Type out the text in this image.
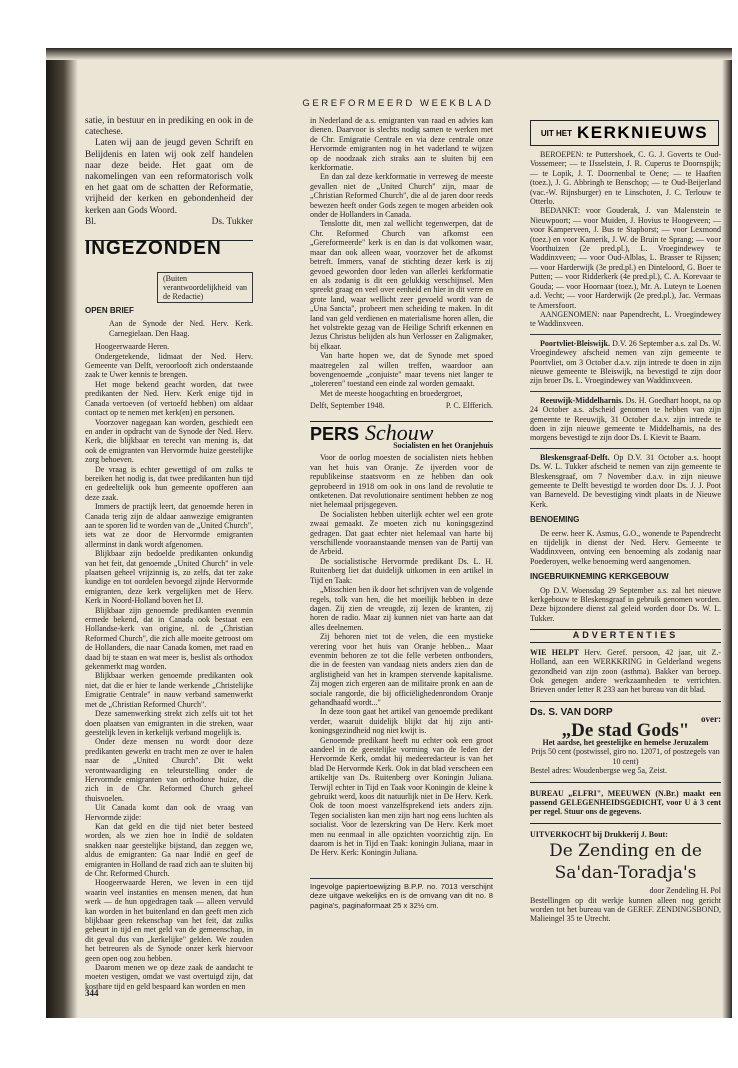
GEREFORMEERD WEEKBLAD

satie, in bestuur en in prediking en ook in de catechese.

Laten wij aan de jeugd geven Schrift en Belijdenis en laten wij ook zelf handelen naar deze beide. Het gaat om de nakomelingen van een reformatorisch volk en het gaat om de schatten der Reformatie, vrijheid der kerken en gebondenheid der kerken aan Gods Woord.

Bl.	Ds. Tukker
INGEZONDEN
(Buiten verantwoordelijkheid van de Redactie)
OPEN BRIEF
Aan de Synode der Ned. Herv. Kerk. Carnegielaan. Den Haag.

Hoogeerwaarde Heren.

Ondergetekende, lidmaat der Ned. Herv. Gemeente van Delft, veroorlooft zich onderstaande zaak te Uwer kennis te brengen.

Het moge bekend geacht worden, dat twee predikanten der Ned. Herv. Kerk enige tijd in Canada vertoeven (of vertoefd hebben) om aldaar contact op te nemen met kerk(en) en personen.

Voorzover nagegaan kan worden, geschiedt een en ander in opdracht van de Synode der Ned. Herv. Kerk, die blijkbaar en terecht van mening is, dat ook de emigranten van Hervormde huize geestelijke zorg behoeven.

De vraag is echter gewettigd of om zulks te bereiken het nodig is, dat twee predikanten hun tijd en gedeeltelijk ook hun gemeente opofferen aan deze zaak.

Immers de practijk leert, dat genoemde heren in Canada terig zijn de aldaar aanwezige emigranten aan te sporen lid te worden van de „United Church", iets wat ze door de Hervormde emigranten allerminst in dank wordt afgenomen.

Blijkbaar zijn bedoelde predikanten onkundig van het feit, dat genoemde „United Church" in vele plaatsen geheel vrijzinnig is, zo zelfs, dat ter zake kundige en tot oordelen bevoegd zijnde Hervormde emigranten, deze kerk vergelijken met de Herv. Kerk in Noord-Holland boven het IJ.

Blijkbaar zijn genoemde predikanten evenmin ermede bekend, dat in Canada ook bestaat een Hollandse-kerk van origine, nl. de „Christian Reformed Church", die zich alle moeite getroost om de Hollanders, die naar Canada komen, met raad en daad bij te staan en wat meer is, beslist als orthodox gekenmerkt mag worden.

Blijkbaar werken genoemde predikanten ook niet, dat die er hier te lande werkende „Christelijke Emigratie Centrale" in nauw verband samenwerkt met de „Christian Reformed Church".

Deze samenwerking strekt zich zelfs uit tot het doen plaatsen van emigranten in die streken, waar geestelijk leven in kerkelijk verband mogelijk is.

Onder deze mensen nu wordt door deze predikanten gewerkt en tracht men ze over te halen naar de „United Church". Dit wekt verontwaardiging en teleurstelling onder de Hervormde emigranten van orthodoxe huize, die zich in de Chr. Reformed Church geheel thuisvoelen.

Uit Canada komt dan ook de vraag van Hervormde zijde:

Kan dat geld en die tijd niet beter besteed worden, als we zien hoe in Indië de soldaten snakken naar geestelijke bijstand, dan zeggen we, aldus de emigranten: Ga naar Indië en geef de emigranten in Holland de raad zich aan te sluiten bij de Chr. Reformed Church.

Hoogeerwaarde Heren, we leven in een tijd waarin veel instanties en mensen menen, dat hun werk — de hun opgedragen taak — alleen vervuld kan worden in het buitenland en dan geeft men zich blijkbaar geen rekenschap van het feit, dat zulks gebeurt in tijd en met geld van de gemeenschap, in dit geval dus van „kerkelijke" gelden. We zouden het betreuren als de Synode onzer kerk hiervoor geen open oog zou hebben.

Daarom menen we op deze zaak de aandacht te moeten vestigen, omdat we vast overtuigd zijn, dat kostbare tijd en geld bespaard kan worden en men

in Nederland de a.s. emigranten van raad en advies kan dienen. Daarvoor is slechts nodig samen te werken met de Chr. Emigratie Centrale en via deze centrale onze Hervormde emigranten nog in het vaderland te wijzen op de noodzaak zich straks aan te sluiten bij een kerkformatie.

En dan zal deze kerkformatie in verreweg de meeste gevallen niet de „United Church" zijn, maar de „Christian Reformed Church", die al de jaren door reeds bewezen heeft onder Gods zegen te mogen arbeiden ook onder de Hollanders in Canada.

Tenslotte dit, men zal wellicht tegenwerpen, dat de Chr. Reformed Church van afkomst een „Gereformeerde" kerk is en dan is dat volkomen waar, maar dan ook alleen waar, voorzover het de afkomst betreft. Immers, vanaf de stichting dezer kerk is zij gevoed geworden door leden van allerlei kerkformatie en als zodanig is dit een gelukkig verschijnsel. Men spreekt graag en veel over eenheid en hier in dit verre en grote land, waar wellicht zeer gevoeld wordt van de „Una Sancta", probeert men scheiding te maken. In dit land van geld verdienen en materialisme horen allen, die het volstrekte gezag van de Heilige Schrift erkennen en Jezus Christus belijden als hun Verlosser en Zaligmaker, bij elkaar.

Van harte hopen we, dat de Synode met spoed maatregelen zal willen treffen, waardoor aan bovengenoemde „conjuiste" maar tevens niet langer te „tolereren" toestand een einde zal worden gemaakt.

Met de meeste hoogachting en broedergroet,

Delft, September 1948.	P. C. Elfferich.
PERS Schouw
Socialisten en het Oranjehuis

Voor de oorlog moesten de socialisten niets hebben van het huis van Oranje. Ze ijverden voor de republikeinse staatsvorm en ze hebben dan ook geprobeerd in 1918 om ook in ons land de revolutie te ontketenen. Dat revolutionaire sentiment hebben ze nog niet helemaal prijsgegeven.

De Socialisten hebben uiterlijk echter wel een grote zwaai gemaakt. Ze moeten zich nu koningsgezind gedragen. Dat gaat echter niet helemaal van harte bij verschillende vooraanstaande mensen van de Partij van de Arbeid.

De socialistische Hervormde predikant Ds. L. H. Ruitenberg liet dat duidelijk uitkomen in een artikel in Tijd en Taak:

„Misschien ben ik door het schrijven van de volgende regels, tolk van hen, die het moeilijk hebben in deze dagen. Zij zien de vreugde, zij lezen de kranten, zij horen de radio. Maar zij kunnen niet van harte aan dat alles deelnemen.

Zij behoren niet tot de velen, die een mystieke verering voor het huis van Oranje hebben... Maar evenmin behoren ze tot die felle verbeten ontbonders, die in de feesten van vandaag niets anders zien dan de arglistigheid van het in krampen stervende kapitalisme. Zij mogen zich ergeren aan de militaire pronk en aan de sociale rangorde, die bij officiëlighedenrondom Oranje gehandhaafd wordt..."

In deze toon gaat het artikel van genoemde predikant verder, waaruit duidelijk blijkt dat hij zijn anti-koningsgezindheid nog niet kwijt is.

Genoemde predikant heeft nu echter ook een groot aandeel in de geestelijke vorming van de leden der Hervormde Kerk, omdat hij medeeredacteur is van het blad De Hervormde Kerk. Ook in dat blad verscheen een artikeltje van Ds. Ruitenberg over Koningin Juliana. Terwijl echter in Tijd en Taak voor Koningin de kleine k gebruikt werd, koos dit natuurlijk niet in De Herv. Kerk. Ook de toon moest vanzelfsprekend iets anders zijn. Tegen socialisten kan men zijn hart nog eens luchten als socialist. Voor de lezerskring van De Herv. Kerk moet men nu eenmaal in alle opzichten voorzichtig zijn. En daarom is het in Tijd en Taak: koningin Juliana, maar in De Herv. Kerk: Koningin Juliana.

Ingevolge papiertoewijzing B.P.P. no. 7013 verschijnt deze uitgave wekelijks en is de omvang van dit no. 8 pagina's, paginaformaat 25 x 32½ cm.
UIT HET KERKNIEUWS

BEROEPEN: te Puttershoek, C. G. J. Goverts te Oud-Vossemeer; — te IJsselstein, J. R. Cuperus te Doornspijk; — te Lopik, J. T. Doornenbal te Oene; — te Haaften (toez.), J. G. Abbringh te Benschop; — te Oud-Beijerland (vac.-W. Rijnsburger) en te Linschoten, J. C. Terlouw te Otterlo.

BEDANKT: voor Gouderak, J. van Malenstein te Nieuwpoort; — voor Muiden, J. Hovius te Hoogeveen; — voor Kamperveen, J. Bus te Stapborst; — voor Lexmond (toez.) en voor Kamerik, J. W. de Bruin te Sprang; — voor Voorthuizen (2e pred.pl.), L. Vroegindewey te Waddinxveen; — voor Oud-Alblas, L. Brasser te Rijssen; — voor Harderwijk (3e pred.pl.) en Dinteloord, G. Boer te Putten; — voor Ridderkerk (4e pred.pl.), C. A. Korevaar te Gouda; — voor Hoornaar (toez.), Mr. A. Luteyn te Loenen a.d. Vecht; — voor Harderwijk (2e pred.pl.), Jac. Vermaas te Amersfoort.

AANGENOMEN: naar Papendrecht, L. Vroegindewey te Waddinxveen.

Poortvliet-Bleiswijk. D.V. 26 September a.s. zal Ds. W. Vroegindewey afscheid nemen van zijn gemeente te Poortvliet, om 3 October d.a.v. zijn intrede te doen in zijn nieuwe gemeente te Bleiswijk, na bevestigd te zijn door zijn broer Ds. L. Vroegindewey van Waddinxveen.

Reeuwijk-Middelharnis. Ds. H. Goedhart hoopt, na op 24 October a.s. afscheid genomen te hebben van zijn gemeente te Reeuwijk, 31 October d.a.v. zijn intrede te doen in zijn nieuwe gemeente te Middelharnis, na des morgens bevestigd te zijn door Ds. I. Kievit te Baarn.

Bleskensgraaf-Delft. Op D.V. 31 October a.s. hoopt Ds. W. L. Tukker afscheid te nemen van zijn gemeente te Bleskensgraaf, om 7 November d.a.v. in zijn nieuwe gemeente te Delft bevestigd te worden door Ds. J. J. Poot van Barneveld. De bevestiging vindt plaats in de Nieuwe Kerk.

BENOEMING

De eerw. heer K. Asmus, G.O., wonende te Papendrecht en tijdelijk in dienst der Ned. Herv. Gemeente te Waddinxveen, ontving een benoeming als zodanig naar Poederoyen, welke benoeming werd aangenomen.

INGEBRUIKNEMING KERKGEBOUW

Op D.V. Woensdag 29 September a.s. zal het nieuwe kerkgebouw te Bleskensgraaf in gebruik genomen worden. Deze bijzondere dienst zal geleid worden door Ds. W. L. Tukker.

ADVERTENTIES

WIE HELPT Herv. Geref. persoon, 42 jaar, uit Z.-Holland, aan een WERKKRING in Gelderland wegens gezondheid van zijn zoon (asthma). Bakker van beroep. Ook genegen andere werkzaamheden te verrichten. Brieven onder letter R 233 aan het bureau van dit blad.

Ds. S. VAN DORP
over:
„De stad Gods"
Het aardse, het geestelijke en hemelse Jeruzalem
Prijs 50 cent (postwissel, giro no. 12071, of postzegels van 10 cent)
Bestel adres: Woudenbergse weg 5a, Zeist.
BUREAU „ELFRI", MEEUWEN (N.Br.) maakt een passend GELEGENHEIDSGEDICHT, voor U à 3 cent per regel. Stuur ons de gegevens.
UITVERKOCHT bij Drukkerij J. Bout:
De Zending en de
Sa'dan-Toradja's
door Zendeling H. Pol

Bestellingen op dit werkje kunnen alleen nog gericht worden tot het bureau van de GEREF. ZENDINGSBOND, Malieingel 35 te Utrecht.

344
